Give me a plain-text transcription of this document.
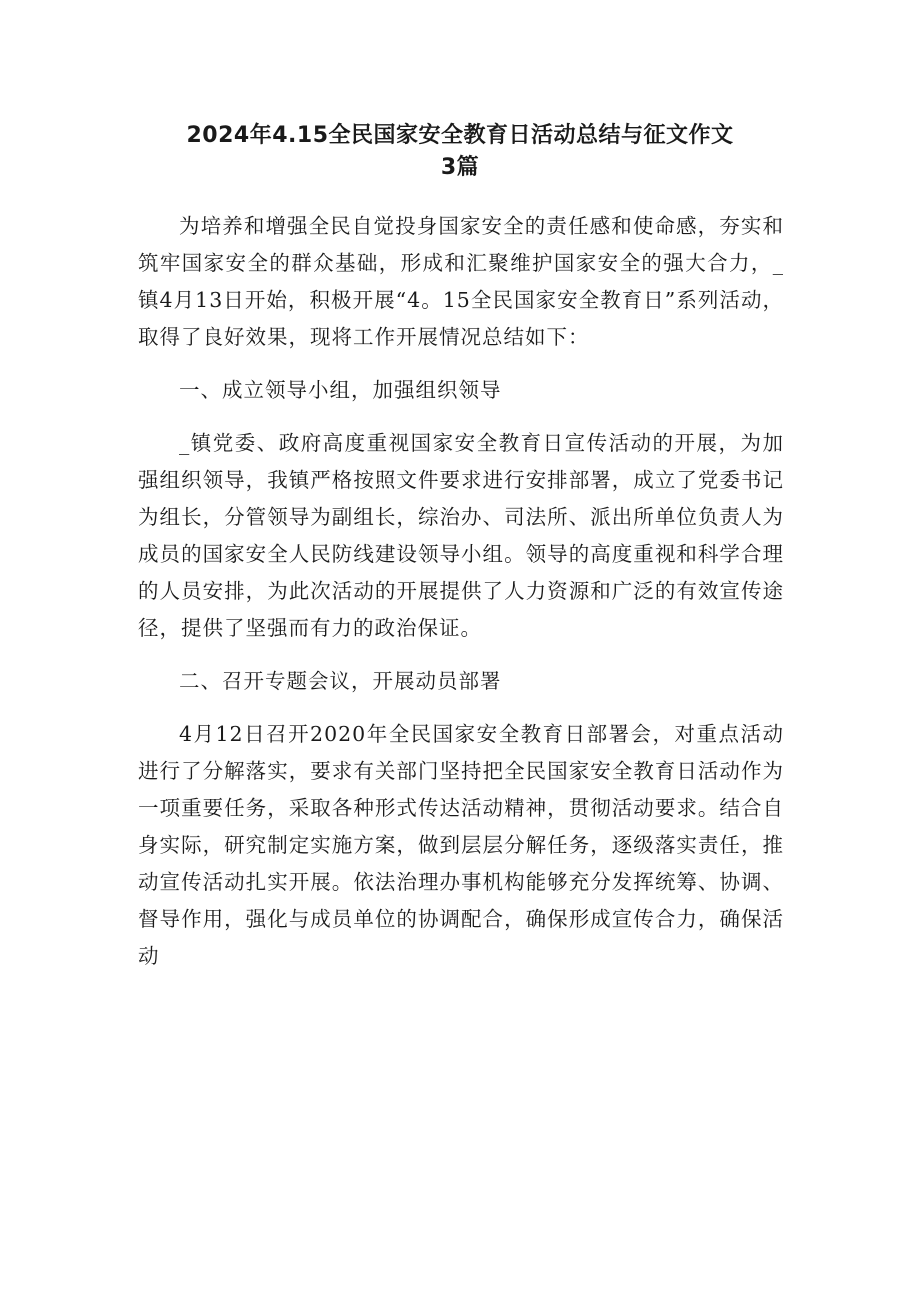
2024年4.15全民国家安全教育日活动总结与征文作文
3篇

为培养和增强全民自觉投身国家安全的责任感和使命感，夯实和筑牢国家安全的群众基础，形成和汇聚维护国家安全的强大合力，_镇4月13日开始，积极开展“4。15全民国家安全教育日”系列活动，取得了良好效果，现将工作开展情况总结如下：

一、成立领导小组，加强组织领导

_镇党委、政府高度重视国家安全教育日宣传活动的开展，为加强组织领导，我镇严格按照文件要求进行安排部署，成立了党委书记为组长，分管领导为副组长，综治办、司法所、派出所单位负责人为成员的国家安全人民防线建设领导小组。领导的高度重视和科学合理的人员安排，为此次活动的开展提供了人力资源和广泛的有效宣传途径，提供了坚强而有力的政治保证。

二、召开专题会议，开展动员部署

4月12日召开2020年全民国家安全教育日部署会，对重点活动进行了分解落实，要求有关部门坚持把全民国家安全教育日活动作为一项重要任务，采取各种形式传达活动精神，贯彻活动要求。结合自身实际，研究制定实施方案，做到层层分解任务，逐级落实责任，推动宣传活动扎实开展。依法治理办事机构能够充分发挥统筹、协调、督导作用，强化与成员单位的协调配合，确保形成宣传合力，确保活动
